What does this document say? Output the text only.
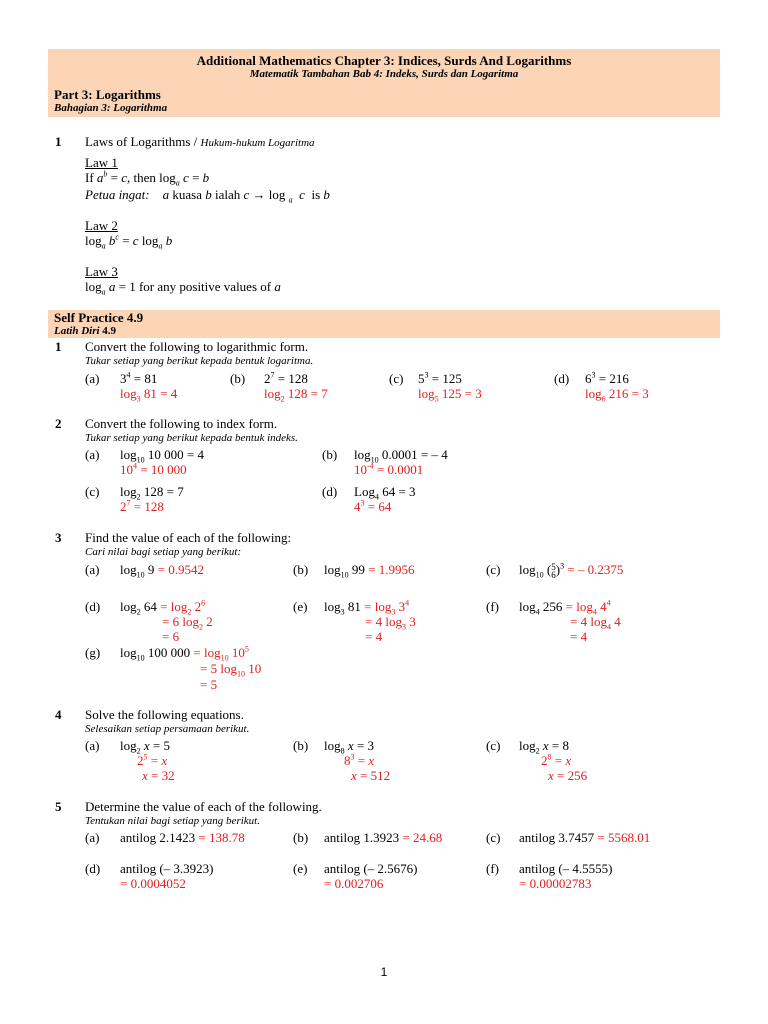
Additional Mathematics Chapter 3: Indices, Surds And Logarithms
Matematik Tambahan Bab 4: Indeks, Surds dan Logaritma
Part 3: Logarithms
Bahagian 3: Logarithma
1 Laws of Logarithms / Hukum-hukum Logaritma
Law 1
If $a^b = c$, then $\log_a c = b$
Petua ingat: a kuasa b ialah c → log $_a$ c  is b
Law 2
$\log_a b^c = c$ $\log_a b$
Law 3
$\log_a a = 1$ for any positive values of a
Self Practice 4.9
Latih Diri 4.9
1 Convert the following to logarithmic form.
Tukar setiap yang berikut kepada bentuk logaritma.
(a) $3^4 = 81$
$\log_3 81 = 4$
(b) $2^7 = 128$
$\log_2 128 = 7$
(c) $5^3 = 125$
$\log_5 125 = 3$
(d) $6^3 = 216$
$\log_6 216 = 3$
2 Convert the following to index form.
Tukar setiap yang berikut kepada bentuk indeks.
(a) $\log_{10} 10$ 000 = 4
$10^4 = 10$ 000
(b) $\log_{10} 0.0001$ = – 4
$10^{-4} = 0.0001$
(c) $\log_2 128 = 7$
$2^7 = 128$
(d) Log$_4$ 64 = 3
$4^3 = 64$
3 Find the value of each of the following:
Cari nilai bagi setiap yang berikut:
(a) $\log_{10} 9 = 0.9542$	(b) $\log_{10} 99 = 1.9956$	(c) $\log_{10}$ ( 5
6 )$^3$ = – 0.2375
(d) $\log_2 64 = \log_2 2^6$
= 6 $\log_2 2$
= 6
(e) $\log_3 81 = \log_3 3^4$
= 4 $\log_3 3$
= 4
(f) $\log_4 256 = \log_4 4^4$
= 4 $\log_4 4$
= 4
(g) $\log_{10} 100$ $000 = \log_{10} 10^5$
= 5 $\log_{10} 10$
= 5
4 Solve the following equations.
Selesaikan setiap persamaan berikut.
(a) $\log_2 x = 5$
$2^5 = x$
x = 32
(b) $\log_8 x = 3$
$8^3 = x$
x = 512
(c) $\log_2 x = 8$
$2^8 = x$
x = 256
5 Determine the value of each of the following.
Tentukan nilai bagi setiap yang berikut.
(a) antilog 2.1423 = 138.78	(b) antilog 1.3923 = 24.68	(c) antilog 3.7457 = 5568.01
(d) antilog (– 3.3923)
= 0.0004052
(e) antilog (– 2.5676)
= 0.002706
(f) antilog (– 4.5555)
= 0.00002783
1
